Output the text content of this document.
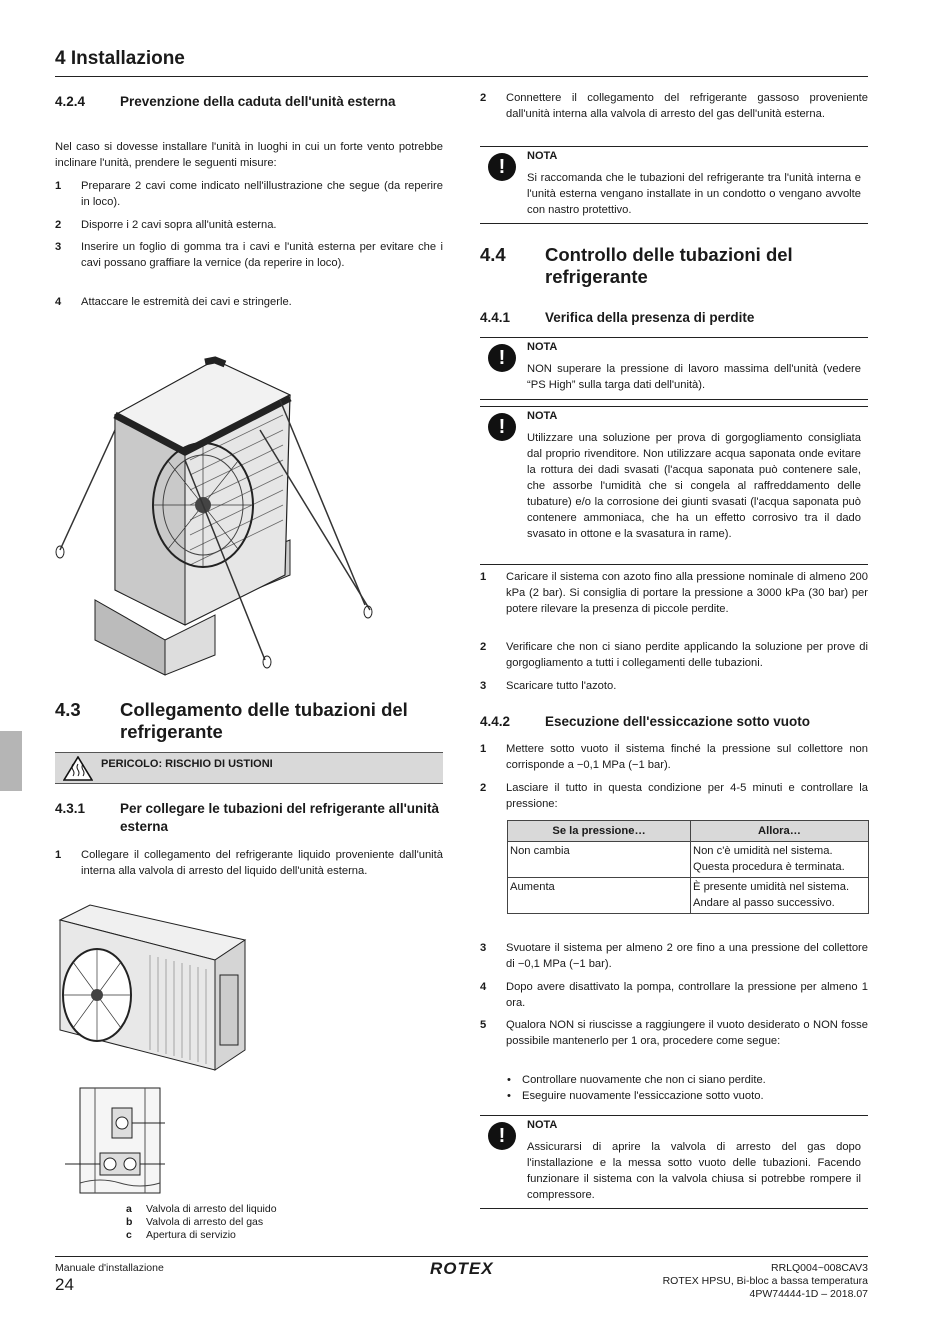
4 Installazione
4.2.4	Prevenzione della caduta dell'unità esterna
Nel caso si dovesse installare l'unità in luoghi in cui un forte vento potrebbe inclinare l'unità, prendere le seguenti misure:
1 Preparare 2 cavi come indicato nell'illustrazione che segue (da reperire in loco).
2 Disporre i 2 cavi sopra all'unità esterna.
3 Inserire un foglio di gomma tra i cavi e l'unità esterna per evitare che i cavi possano graffiare la vernice (da reperire in loco).
4 Attaccare le estremità dei cavi e stringerle.
4.3 Collegamento delle tubazioni del refrigerante
PERICOLO: RISCHIO DI USTIONI
4.3.1	Per collegare le tubazioni del refrigerante all'unità esterna
1 Collegare il collegamento del refrigerante liquido proveniente dall'unità interna alla valvola di arresto del liquido dell'unità esterna.
a Valvola di arresto del liquido
b Valvola di arresto del gas
c Apertura di servizio
2 Connettere il collegamento del refrigerante gassoso proveniente dall'unità interna alla valvola di arresto del gas dell'unità esterna.
!	NOTA
Si raccomanda che le tubazioni del refrigerante tra l'unità interna e l'unità esterna vengano installate in un condotto o vengano avvolte con nastro protettivo.
4.4 Controllo delle tubazioni del refrigerante
4.4.1	Verifica della presenza di perdite
!	NOTA
NON superare la pressione di lavoro massima dell'unità (vedere “PS High” sulla targa dati dell'unità).
!	NOTA
Utilizzare una soluzione per prova di gorgogliamento consigliata dal proprio rivenditore. Non utilizzare acqua saponata onde evitare la rottura dei dadi svasati (l'acqua saponata può contenere sale, che assorbe l'umidità che si congela al raffreddamento delle tubature) e/o la corrosione dei giunti svasati (l'acqua saponata può contenere ammoniaca, che ha un effetto corrosivo tra il dado svasato in ottone e la svasatura in rame).
1 Caricare il sistema con azoto fino alla pressione nominale di almeno 200 kPa (2 bar). Si consiglia di portare la pressione a 3000 kPa (30 bar) per potere rilevare la presenza di piccole perdite.
2 Verificare che non ci siano perdite applicando la soluzione per prove di gorgogliamento a tutti i collegamenti delle tubazioni.
3 Scaricare tutto l'azoto.
4.4.2	Esecuzione dell'essiccazione sotto vuoto
1 Mettere sotto vuoto il sistema finché la pressione sul collettore non corrisponde a −0,1 MPa (−1 bar).
2 Lasciare il tutto in questa condizione per 4-5 minuti e controllare la pressione:
Se la pressione…	Allora…
Non cambia	Non c'è umidità nel sistema. Questa procedura è terminata.
Aumenta	È presente umidità nel sistema. Andare al passo successivo.
3 Svuotare il sistema per almeno 2 ore fino a una pressione del collettore di −0,1 MPa (−1 bar).
4 Dopo avere disattivato la pompa, controllare la pressione per almeno 1 ora.
5 Qualora NON si riuscisse a raggiungere il vuoto desiderato o NON fosse possibile mantenerlo per 1 ora, procedere come segue:
• Controllare nuovamente che non ci siano perdite.
• Eseguire nuovamente l'essiccazione sotto vuoto.
!	NOTA
Assicurarsi di aprire la valvola di arresto del gas dopo l'installazione e la messa sotto vuoto delle tubazioni. Facendo funzionare il sistema con la valvola chiusa si potrebbe rompere il compressore.
Manuale d'installazione
24
ROTEX	RRLQ004~008CAV3
ROTEX HPSU, Bi-bloc a bassa temperatura
4PW74444-1D – 2018.07
